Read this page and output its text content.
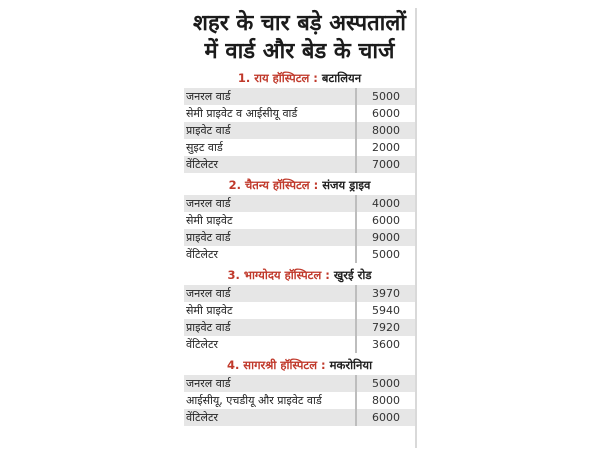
शहर के चार बड़े अस्पतालों
में वार्ड और बेड के चार्ज
1. राय हॉस्पिटल : बटालियन
जनरल वार्ड	5000
सेमी प्राइवेट व आईसीयू वार्ड	6000
प्राइवेट वार्ड	8000
सुइट वार्ड	2000
वेंटिलेटर	7000
2. चैतन्य हॉस्पिटल : संजय ड्राइव
जनरल वार्ड	4000
सेमी प्राइवेट	6000
प्राइवेट वार्ड	9000
वेंटिलेटर	5000
3. भाग्योदय हॉस्पिटल : खुरई रोड
जनरल वार्ड	3970
सेमी प्राइवेट	5940
प्राइवेट वार्ड	7920
वेंटिलेटर	3600
4. सागरश्री हॉस्पिटल : मकरोनिया
जनरल वार्ड	5000
आईसीयू, एचडीयू और प्राइवेट वार्ड	8000
वेंटिलेटर	6000
